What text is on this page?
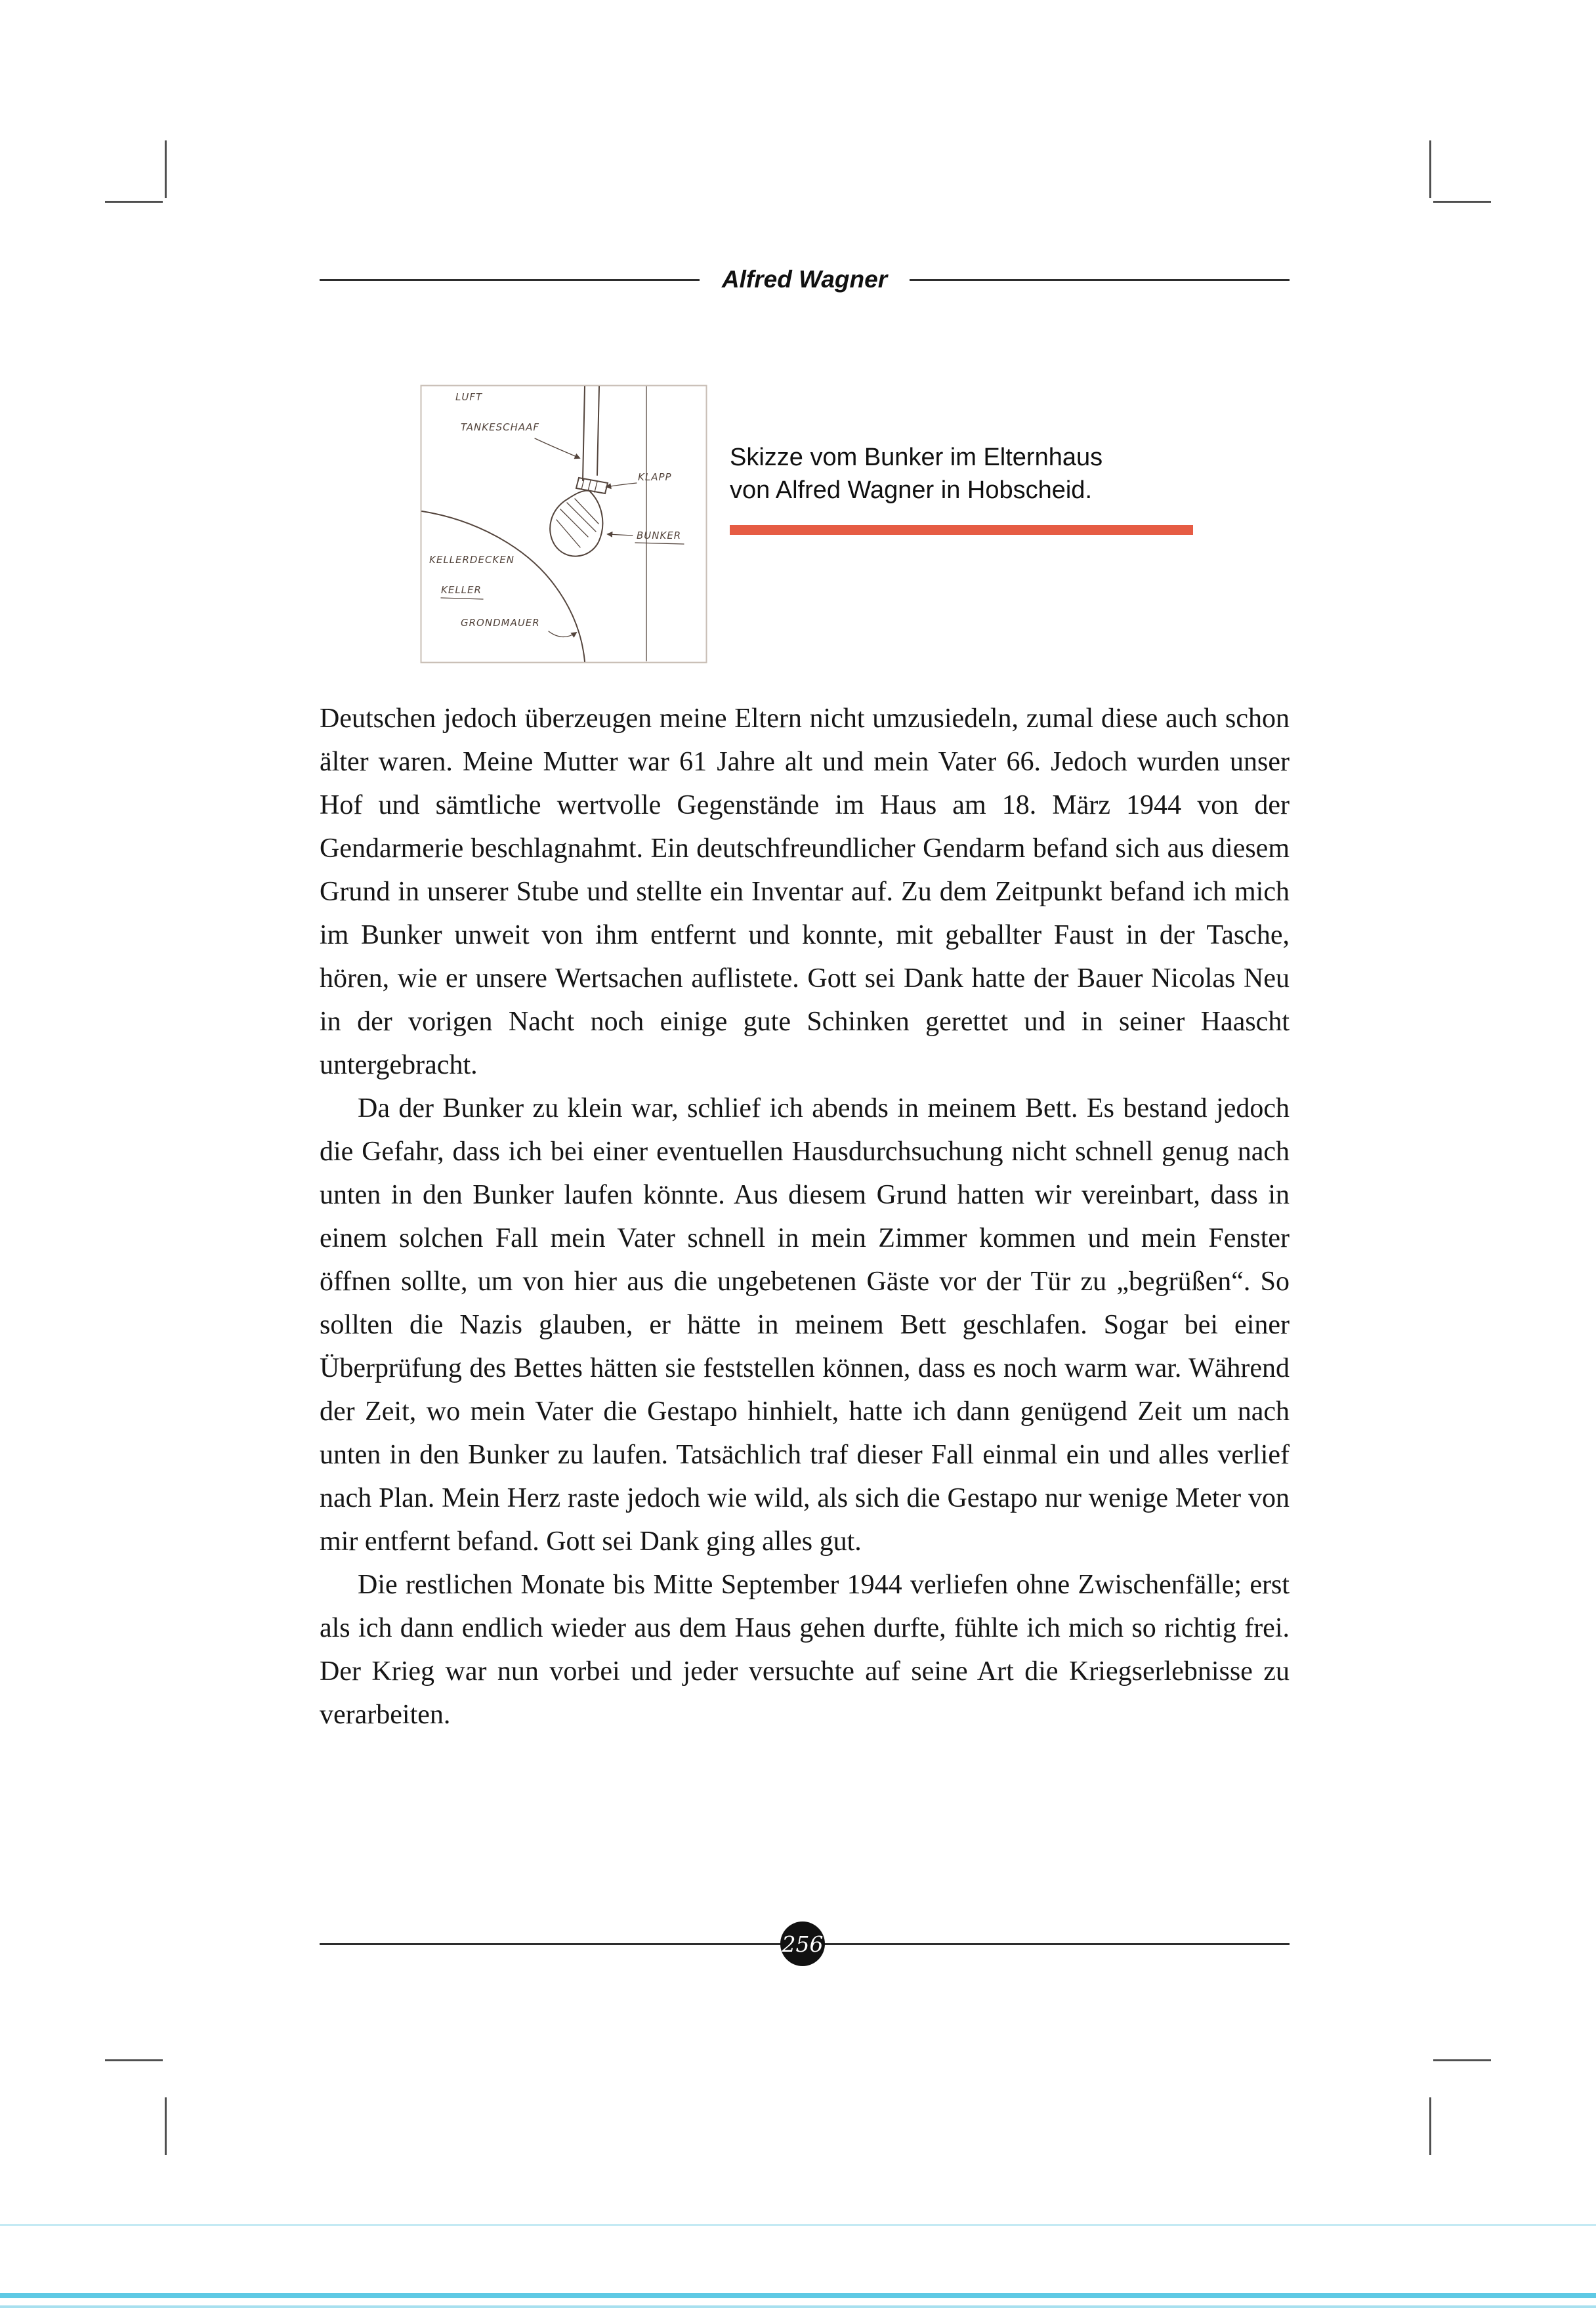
Alfred Wagner
LUFT
TANKESCHAAF
KLAPP
BUNKER
KELLERDECKEN
KELLER
GRONDMAUER
Skizze vom Bunker im Elternhaus
von Alfred Wagner in Hobscheid.

Deutschen jedoch überzeugen meine Eltern nicht umzusiedeln, zumal diese auch schon älter waren. Meine Mutter war 61 Jahre alt und mein Vater 66. Jedoch wurden unser Hof und sämtliche wertvolle Gegenstände im Haus am 18. März 1944 von der Gendarmerie beschlagnahmt. Ein deutschfreundlicher Gendarm befand sich aus diesem Grund in unserer Stube und stellte ein Inventar auf. Zu dem Zeitpunkt befand ich mich im Bunker unweit von ihm entfernt und konnte, mit geballter Faust in der Tasche, hören, wie er unsere Wertsachen auflistete. Gott sei Dank hatte der Bauer Nicolas Neu in der vorigen Nacht noch einige gute Schinken gerettet und in seiner Haascht untergebracht.

Da der Bunker zu klein war, schlief ich abends in meinem Bett. Es bestand jedoch die Gefahr, dass ich bei einer eventuellen Hausdurchsuchung nicht schnell genug nach unten in den Bunker laufen könnte. Aus diesem Grund hatten wir vereinbart, dass in einem solchen Fall mein Vater schnell in mein Zimmer kommen und mein Fenster öffnen sollte, um von hier aus die ungebetenen Gäste vor der Tür zu „begrüßen“. So sollten die Nazis glauben, er hätte in meinem Bett geschlafen. Sogar bei einer Überprüfung des Bettes hätten sie feststellen können, dass es noch warm war. Während der Zeit, wo mein Vater die Gestapo hinhielt, hatte ich dann genügend Zeit um nach unten in den Bunker zu laufen. Tatsächlich traf dieser Fall einmal ein und alles verlief nach Plan. Mein Herz raste jedoch wie wild, als sich die Gestapo nur wenige Meter von mir entfernt befand. Gott sei Dank ging alles gut.

Die restlichen Monate bis Mitte September 1944 verliefen ohne Zwischenfälle; erst als ich dann endlich wieder aus dem Haus gehen durfte, fühlte ich mich so richtig frei. Der Krieg war nun vorbei und jeder versuchte auf seine Art die Kriegserlebnisse zu verarbeiten.

256
